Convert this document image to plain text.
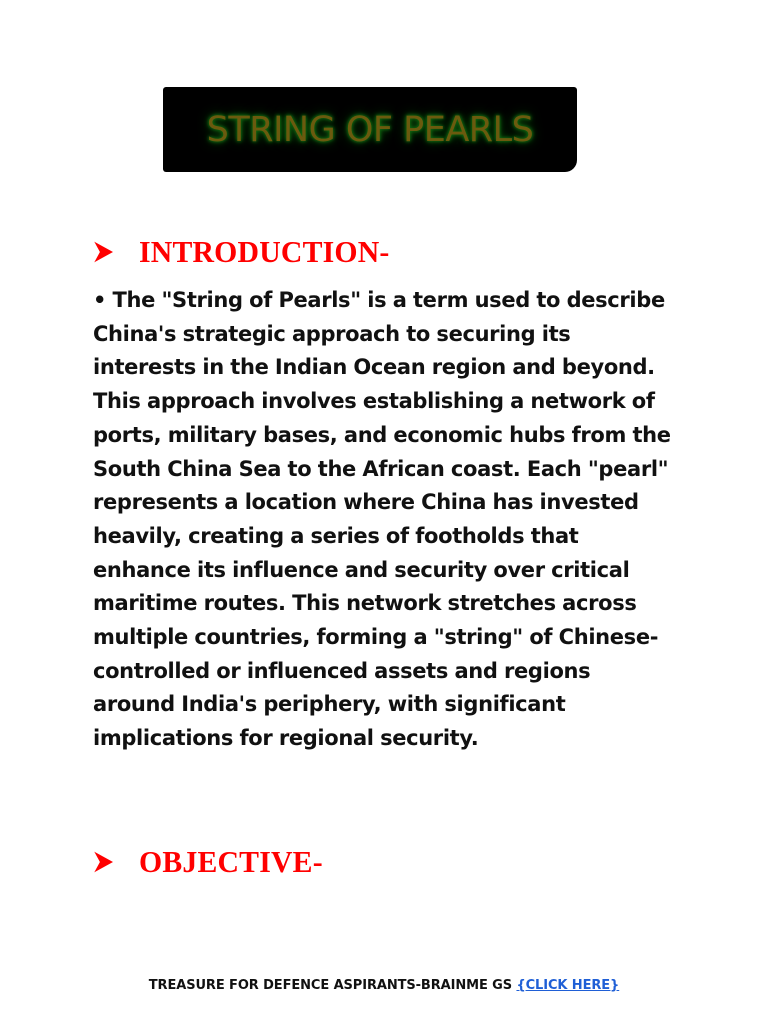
STRING OF PEARLS
INTRODUCTION-

• The "String of Pearls" is a term used to describe China's strategic approach to securing its interests in the Indian Ocean region and beyond. This approach involves establishing a network of ports, military bases, and economic hubs from the South China Sea to the African coast. Each "pearl" represents a location where China has invested heavily, creating a series of footholds that enhance its influence and security over critical maritime routes. This network stretches across multiple countries, forming a "string" of Chinese-controlled or influenced assets and regions around India's periphery, with significant implications for regional security.

OBJECTIVE-
TREASURE FOR DEFENCE ASPIRANTS-BRAINME GS {CLICK HERE}
